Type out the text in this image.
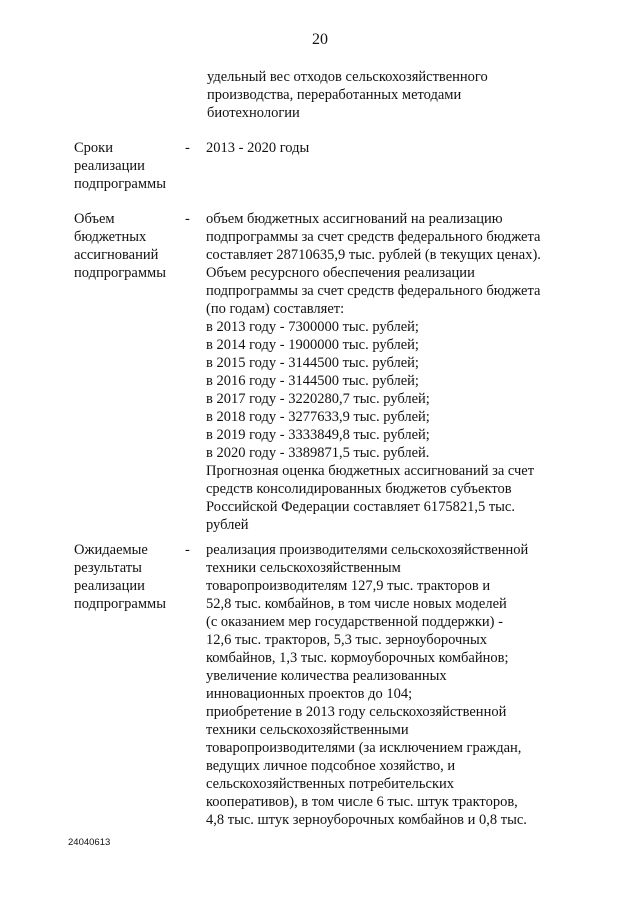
20
удельный вес отходов сельскохозяйственного
производства, переработанных методами
биотехнологии
Сроки
реализации
подпрограммы
- 2013 - 2020 годы
Объем
бюджетных
ассигнований
подпрограммы
- объем бюджетных ассигнований на реализацию
подпрограммы за счет средств федерального бюджета
составляет 28710635,9 тыс. рублей (в текущих ценах).
Объем ресурсного обеспечения реализации
подпрограммы за счет средств федерального бюджета
(по годам) составляет:
в 2013 году - 7300000 тыс. рублей;
в 2014 году - 1900000 тыс. рублей;
в 2015 году - 3144500 тыс. рублей;
в 2016 году - 3144500 тыс. рублей;
в 2017 году - 3220280,7 тыс. рублей;
в 2018 году - 3277633,9 тыс. рублей;
в 2019 году - 3333849,8 тыс. рублей;
в 2020 году - 3389871,5 тыс. рублей.
Прогнозная оценка бюджетных ассигнований за счет
средств консолидированных бюджетов субъектов
Российской Федерации составляет 6175821,5 тыс.
рублей
Ожидаемые
результаты
реализации
подпрограммы
- реализация производителями сельскохозяйственной
техники сельскохозяйственным
товаропроизводителям 127,9 тыс. тракторов и
52,8 тыс. комбайнов, в том числе новых моделей
(с оказанием мер государственной поддержки) -
12,6 тыс. тракторов, 5,3 тыс. зерноуборочных
комбайнов, 1,3 тыс. кормоуборочных комбайнов;
увеличение количества реализованных
инновационных проектов до 104;
приобретение в 2013 году сельскохозяйственной
техники сельскохозяйственными
товаропроизводителями (за исключением граждан,
ведущих личное подсобное хозяйство, и
сельскохозяйственных потребительских
кооперативов), в том числе 6 тыс. штук тракторов,
4,8 тыс. штук зерноуборочных комбайнов и 0,8 тыс.
24040613
